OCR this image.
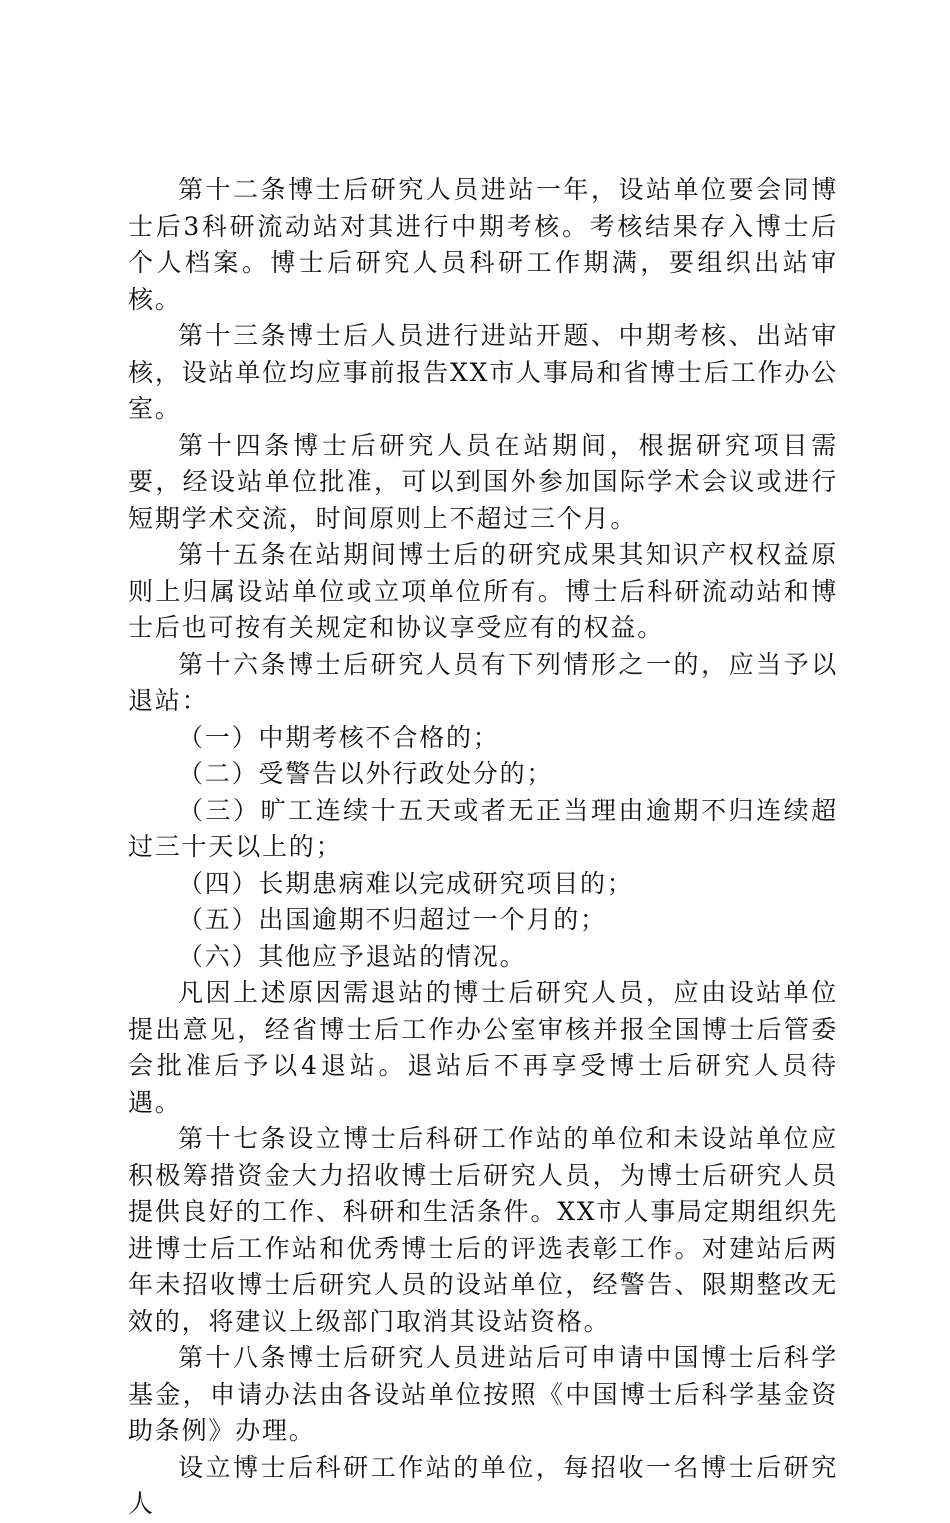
第十二条博士后研究人员进站一年，设站单位要会同博士后3科研流动站对其进行中期考核。考核结果存入博士后个人档案。博士后研究人员科研工作期满，要组织出站审核。

第十三条博士后人员进行进站开题、中期考核、出站审核，设站单位均应事前报告XX市人事局和省博士后工作办公室。

第十四条博士后研究人员在站期间，根据研究项目需要，经设站单位批准，可以到国外参加国际学术会议或进行短期学术交流，时间原则上不超过三个月。

第十五条在站期间博士后的研究成果其知识产权权益原则上归属设站单位或立项单位所有。博士后科研流动站和博士后也可按有关规定和协议享受应有的权益。

第十六条博士后研究人员有下列情形之一的，应当予以退站：

（一）中期考核不合格的；

（二）受警告以外行政处分的；

（三）旷工连续十五天或者无正当理由逾期不归连续超过三十天以上的；

（四）长期患病难以完成研究项目的；

（五）出国逾期不归超过一个月的；

（六）其他应予退站的情况。

凡因上述原因需退站的博士后研究人员，应由设站单位提出意见，经省博士后工作办公室审核并报全国博士后管委会批准后予以4退站。退站后不再享受博士后研究人员待遇。

第十七条设立博士后科研工作站的单位和未设站单位应积极筹措资金大力招收博士后研究人员，为博士后研究人员提供良好的工作、科研和生活条件。XX市人事局定期组织先进博士后工作站和优秀博士后的评选表彰工作。对建站后两年未招收博士后研究人员的设站单位，经警告、限期整改无效的，将建议上级部门取消其设站资格。

第十八条博士后研究人员进站后可申请中国博士后科学基金，申请办法由各设站单位按照《中国博士后科学基金资助条例》办理。

设立博士后科研工作站的单位，每招收一名博士后研究人
